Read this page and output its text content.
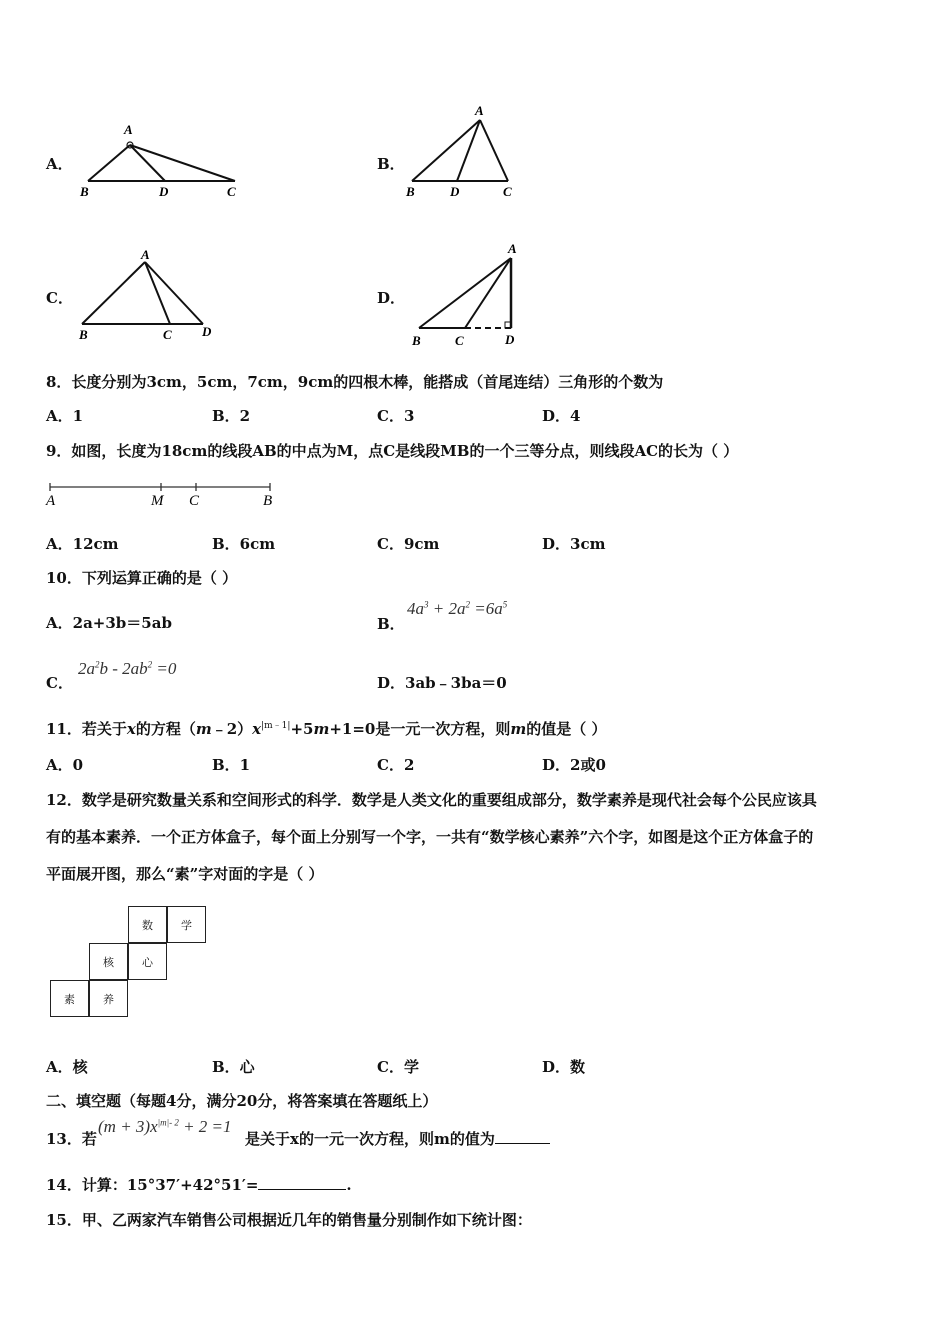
A．
A
B	D	C
B．
A
B	D	C
C．
A
B	C D
D．
A
B	C	D
8．长度分别为3cm，5cm，7cm，9cm的四根木棒，能搭成（首尾连结）三角形的个数为
A．1	B．2	C．3	D．4
9．如图，长度为18cm的线段AB的中点为M，点C是线段MB的一个三等分点，则线段AC的长为（ ）
A	M C	B
A．12cm	B．6cm	C．9cm	D．3cm
10．下列运算正确的是（ ）
A．2a+3b＝5ab	B．
$4a^3 + 2a^2 =6a^5$
C．
$2a^2b - 2ab^2 =0$
D．3ab﹣3ba＝0
11．若关于x的方程$(m﹣2)x^{|m﹣1|}+5m+1=0$是一元一次方程，则m的值是（ ）
A．0	B．1	C．2	D．2或0
12．数学是研究数量关系和空间形式的科学．数学是人类文化的重要组成部分，数学素养是现代社会每个公民应该具
有的基本素养．一个正方体盒子，每个面上分别写一个字，一共有“数学核心素养”六个字，如图是这个正方体盒子的
平面展开图，那么“素”字对面的字是（ ）
数	学
核	心
素	养
A．核	B．心	C．学	D．数
二、填空题（每题4分，满分20分，将答案填在答题纸上）
13．若
$(m + 3)x^{|m|- 2} + 2 =1$
是关于x的一元一次方程，则m的值为
14．计算：15°37′+42°51′=	.
15．甲、乙两家汽车销售公司根据近几年的销售量分别制作如下统计图：
